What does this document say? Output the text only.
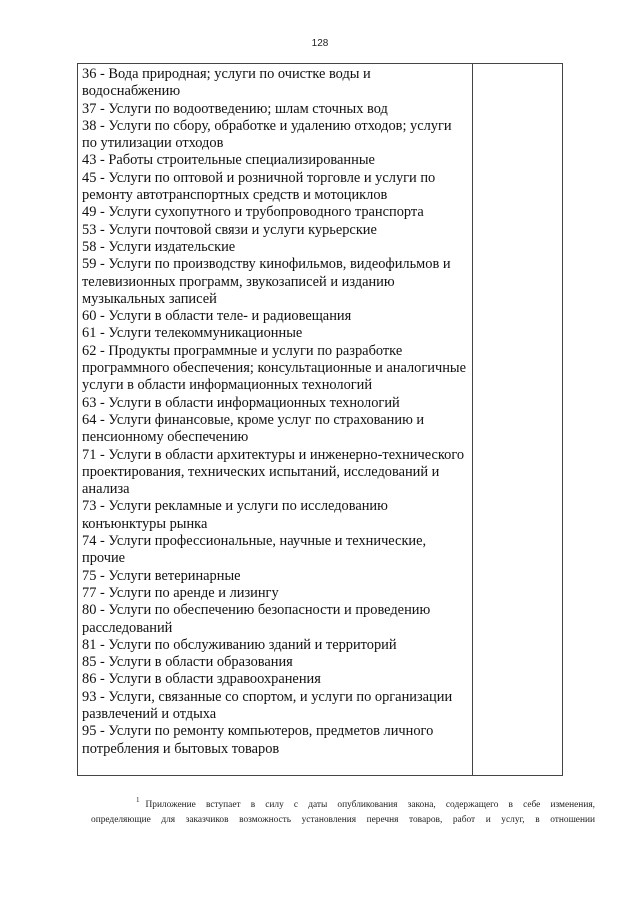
128
36 - Вода природная; услуги по очистке воды и водоснабжению
37 - Услуги по водоотведению; шлам сточных вод
38 - Услуги по сбору, обработке и удалению отходов; услуги по утилизации отходов
43 - Работы строительные специализированные
45 - Услуги по оптовой и розничной торговле и услуги по ремонту автотранспортных средств и мотоциклов
49 - Услуги сухопутного и трубопроводного транспорта
53 - Услуги почтовой связи и услуги курьерские
58 - Услуги издательские
59 - Услуги по производству кинофильмов, видеофильмов и телевизионных программ, звукозаписей и изданию музыкальных записей
60 - Услуги в области теле- и радиовещания
61 - Услуги телекоммуникационные
62 - Продукты программные и услуги по разработке программного обеспечения; консультационные и аналогичные услуги в области информационных технологий
63 - Услуги в области информационных технологий
64 - Услуги финансовые, кроме услуг по страхованию и пенсионному обеспечению
71 - Услуги в области архитектуры и инженерно-технического проектирования, технических испытаний, исследований и анализа
73 - Услуги рекламные и услуги по исследованию конъюнктуры рынка
74 - Услуги профессиональные, научные и технические, прочие
75 - Услуги ветеринарные
77 - Услуги по аренде и лизингу
80 - Услуги по обеспечению безопасности и проведению расследований
81 - Услуги по обслуживанию зданий и территорий
85 - Услуги в области образования
86 - Услуги в области здравоохранения
93 - Услуги, связанные со спортом, и услуги по организации развлечений и отдыха
95 - Услуги по ремонту компьютеров, предметов личного потребления и бытовых товаров

$^1$ Приложение вступает в силу с даты опубликования закона, содержащего в себе изменения,
определяющие для заказчиков возможность установления перечня товаров, работ и услуг, в отношении
